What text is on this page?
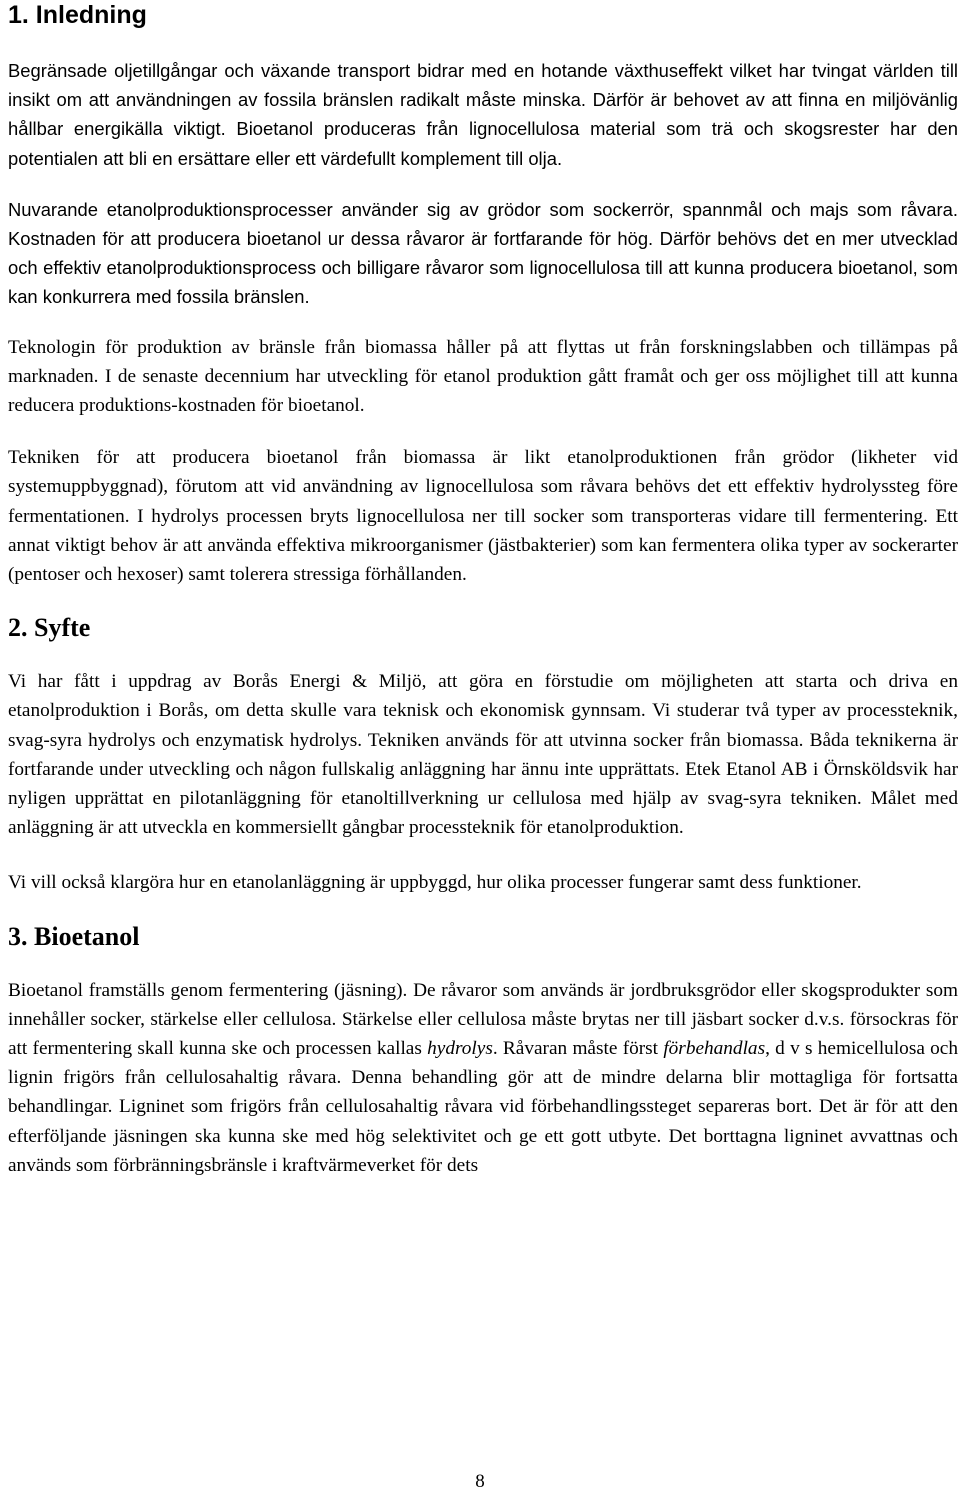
1. Inledning

Begränsade oljetillgångar och växande transport bidrar med en hotande växthuseffekt vilket har tvingat världen till insikt om att användningen av fossila bränslen radikalt måste minska. Därför är behovet av att finna en miljövänlig hållbar energikälla viktigt. Bioetanol produceras från lignocellulosa material som trä och skogsrester har den potentialen att bli en ersättare eller ett värdefullt komplement till olja.

Nuvarande etanolproduktionsprocesser använder sig av grödor som sockerrör, spannmål och majs som råvara. Kostnaden för att producera bioetanol ur dessa råvaror är fortfarande för hög. Därför behövs det en mer utvecklad och effektiv etanolproduktionsprocess och billigare råvaror som lignocellulosa till att kunna producera bioetanol, som kan konkurrera med fossila bränslen.

Teknologin för produktion av bränsle från biomassa håller på att flyttas ut från forskningslabben och tillämpas på marknaden. I de senaste decennium har utveckling för etanol produktion gått framåt och ger oss möjlighet till att kunna reducera produktions-kostnaden för bioetanol.

Tekniken för att producera bioetanol från biomassa är likt etanolproduktionen från grödor (likheter vid systemuppbyggnad), förutom att vid användning av lignocellulosa som råvara behövs det ett effektiv hydrolyssteg före fermentationen. I hydrolys processen bryts lignocellulosa ner till socker som transporteras vidare till fermentering. Ett annat viktigt behov är att använda effektiva mikroorganismer (jästbakterier) som kan fermentera olika typer av sockerarter (pentoser och hexoser) samt tolerera stressiga förhållanden.

2. Syfte

Vi har fått i uppdrag av Borås Energi & Miljö, att göra en förstudie om möjligheten att starta och driva en etanolproduktion i Borås, om detta skulle vara teknisk och ekonomisk gynnsam. Vi studerar två typer av processteknik, svag-syra hydrolys och enzymatisk hydrolys. Tekniken används för att utvinna socker från biomassa. Båda teknikerna är fortfarande under utveckling och någon fullskalig anläggning har ännu inte upprättats. Etek Etanol AB i Örnsköldsvik har nyligen upprättat en pilotanläggning för etanoltillverkning ur cellulosa med hjälp av svag-syra tekniken. Målet med anläggning är att utveckla en kommersiellt gångbar processteknik för etanolproduktion.

Vi vill också klargöra hur en etanolanläggning är uppbyggd, hur olika processer fungerar samt dess funktioner.

3. Bioetanol

Bioetanol framställs genom fermentering (jäsning). De råvaror som används är jordbruksgrödor eller skogsprodukter som innehåller socker, stärkelse eller cellulosa. Stärkelse eller cellulosa måste brytas ner till jäsbart socker d.v.s. försockras för att fermentering skall kunna ske och processen kallas hydrolys. Råvaran måste först förbehandlas, d v s hemicellulosa och lignin frigörs från cellulosahaltig råvara. Denna behandling gör att de mindre delarna blir mottagliga för fortsatta behandlingar. Ligninet som frigörs från cellulosahaltig råvara vid förbehandlingssteget separeras bort. Det är för att den efterföljande jäsningen ska kunna ske med hög selektivitet och ge ett gott utbyte. Det borttagna ligninet avvattnas och används som förbränningsbränsle i kraftvärmeverket för dets

8
